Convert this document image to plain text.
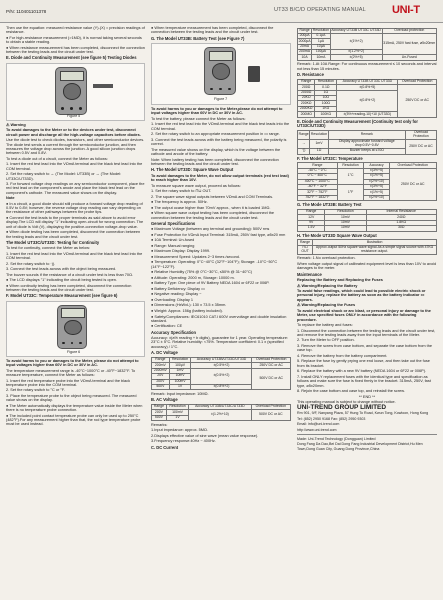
P/N: 110401101378	UT33 B/C/D OPERATING MANUAL UNI-T

Then use the equation: measured resistance value (Y)-(X) = precision readings of resistance.

● For high-resistance measurement (>1MΩ), it is normal taking several seconds to obtain a stable reading.

● When resistance measurement has been completed, disconnect the connection between the testing leads and the circuit under test.

E. Diode and Continuity Measurement (see figure 5) Testing Diodes

Figure 5

⚠ Warning

To avoid damages to the Meter or to the devices under test, disconnect circuit power and discharge all the high-voltage capacitors before diodes.

Use the diode test to check diodes, transistors, and other semiconductor devices. The diode test sends a current through the semiconductor junction, and then measures the voltage drop across the junction. A good silicon junction drops between 0.5V and 0.8V.

To test a diode out of a circuit, connect the Meter as follows:

1. Insert the red test lead into the VΩmA terminal and the black test lead into the COM terminal.

2. Set the rotary switch to → (The Model: UT33B) or → (The Model: UT33C/UT33D).

3. For forward voltage drop readings on any semiconductor component, place the red test lead on the component's anode and place the black test lead on the component's cathode. The measured value shows on the display.

Note

● In a circuit, a good diode should still produce a forward voltage drop reading of 0.5V to 0.8V; however, the reverse voltage drop reading can vary depending on the resistance of other pathways between the probe tips.

● Connect the test leads to the proper terminals as said above to avoid error display.The LCD will display "1" indicating open-circuit for wrong connection. The unit of diode is Volt (V), displaying the positive-connection voltage-drop value.

● When diode testing has been completed, disconnect the connection between the testing leads and the circuit under test.

The Model UT33C/UT33D: Testing for Continuity

To test for continuity, connect the Meter as below:

1. Insert the red test lead into the VΩmA terminal and the black test lead into the COM terminal.

2. Set the rotary switch to ·)).

3. Connect the test leads across with the object being measured.

The buzzer sounds if the resistance of a circuit under test is less than 70Ω.

● The LCD displays "1" indicating the circuit being tested is open.

● When continuity testing has been completed, disconnect the connection between the testing leads and the circuit under test.

F. Model UT33C: Temperature Measurement (see figure 6)

Figure 6

To avoid harms to you or damages to the Meter, please do not attempt to input voltages higher than 60V in DC or 30V in AC.

The temperature measurement range is -40°C~1000°C or -40°F~1832°F. To measure temperature, connect the Meter as follows:

1. Insert the red temperature probe into the VΩmA terminal and the black temperature probe into the COM terminal.

2. Set the rotary switch to °C or °F.

3. Place the temperature probe to the object being measured. The measured value shows on the display.

● The Meter automatically displays the temperature value inside the Meter when there is no temperature probe connection.

● The included point contact temperature probe can only be used up to 250°C (482°F).For any measurement higher than that, the rod type temperature probe must be used instead.

● When temperature measurement has been completed, disconnect the connection between the testing leads and the circuit under test.

G. The Model UT33B: Battery Test (see Figure 7)

Figure 7

To avoid harms to you or damages to the Meter,please do not attempt to input voltages higher than 60V in DC or 30V in AC.

To test the battery, please connect the Meter as follows:

1. Insert the red test lead into the VΩmA terminal and the black test leads into the COM terminal.

2. Set the rotary switch to an appropriate measurement position in ▭ range.

3. Connect the test leads across with the battery being measured, the polarity is correct.

The measured value shows on the display, which is the voltage between the cathode and anode of the battery.

Note: When battery testing has been completed, disconnect the connection between the testing leads and the circuit under test.

H. The Model UT33D: Square Wave Output

To avoid damages to the Meter, do not allow output terminals (red test lead) to reach higher than 10V.

To measure square wave output, proceed as follows:

1. Set the rotary switch to ⊓⊔ OUT.

2. The square wave signal outputs between VΩmA and COM Terminals.

● The frequency is approx. 50Hz.

● The output ocase higher than 70mV approx., when it is loaded 1MΩ.

● When square wave output testing has been completed, disconnect the connection between the testing leads and the circuit under test.

General Specifications

● Maximum Voltage (between any terminal and grounding): 500V rms

● Fuse Protection for VΩmA Input Terminal: 315mA, 250V fast type, ø5x20 mm

● 10A Terminal: Un-fused

● Range: Manual ranging

● Maximum Display: Display 1999.

● Measurement Speed: Updates 2~3 times /second.

● Temperature: Operating: 0°C~40°C (32°F~104°F); Storage: -10°C~50°C (14°F~122°F).

● Relative Humidity (75% @ 0°C~30°C, ≤50% @ 31~40°C)

● Altitude: Operating: 2000 m, Storage: 10000 m.

● Battery Type: One piece of 9V Battery NEDA 1604 or 6F22 or 006P.

● Battery Deficiency: Display ▭

● Negative reading: Display −

● Overloading: Display 1

● Dimensions (HxWxL): 130 x 73.5 x 35mm.

● Weight: Approx. 156g (battery included).

● Safety/Compliances: IEC61010 CAT.I 600V overvoltage and double insulation standard.

● Certification: CE

Accuracy Specification

Accuracy: ±(a% reading + b digits), guarantee for 1 year. Operating temperature: 23°C ± 5°C. Relative humidity: <75%. Temperature coefficient: 0.1 x (specified accuracy) / 1°C.

A. DC Voltage

Range	Resolution	Accuracy UT33B/UT33C/UT33D	Overload Protection
200mV	100μV	±(0.5%+2)	250V DC or AC
2000mV	1mV	±(0.5%+2)	500V DC or AC
20V	10mV		
200V	100mV		
500V	1V	±(0.8%+2)	

Remark: Input impedance: 10MΩ.

B. AC Voltage

Range	Resolution	Accuracy UT33B/UT33C/UT33D	Overload Protection
200V	100mV	±(1.2%+10)	500V DC or AC
500V	1V		

Remarks:

1.Input impedance: approx. 5MΩ.

2.Displays effective value of sine wave (mean value response).

3.Frequency response:40Hz ~ 400Hz.

C. DC Current

Range	Resolution	Accuracy UT33B UT33C UT33D	Overload protection
200μA	0.1μA	±(1%+2)	315mA, 250V fast fuse, ø5x20mm
2000μA	1μA		
20mA	10μA		
200mA	100μA	±(1.2%+2)	
10A	10mA	±(2%+5)	Un-Fused

Remark: 1.At 10A Range: For continuous measurement ≤ 10 seconds and interval not less than 15 minutes.

D. Resistance

Range	Resolution	Accuracy UT33B UT33C UT33D	Overload Protection
200Ω	0.1Ω	±(0.8%+5)	250V DC or AC
2000Ω	1Ω	±(0.8%+2)	
20KΩ	10Ω		
200KΩ	100Ω		
2000KΩ	1KΩ		
200MΩ	100KΩ	±(5%+reading-10)+10 (UT33D)	

E. Diode and Continuity Measurement (Continuity test only for UT33C/UT33D)

Range	Resolution	Remark	Overload Protection
→	1mV	Display approximate forward voltage drop:0.5V~0.8V	250V DC or AC
·))	1Ω	Buzzer beeps at ≤70Ω	

F. The Model UT33C: Temperature

Range	Resolution	Accuracy	Overload Protection
-40°C ~ 0°C	1°C	±(3%+5)	250V DC or AC
0°C ~ 400°C		±(1%+5)	
400°C ~ 1000°C		±(2%+10)	
-40°F ~ 32°F	1°F	±(3%+5)	
32°F ~ 752°F		±(1%+5)	
752°F ~ 1832°F		±(2%+10)	

G. The Mode UT33B: Battery Test

Range	Resolution	Internal Resistance
12V	10mV	240Ω
9V	10mV	1.8KΩ
1.5V	10mV	30Ω

H. The Mode UT33D Square Wave Output

Range	Illustration
⊓⊔ OUT	Approx.output 50Hz square wave signal.As a simple signal source with 47KΩ resistance output.

Remark: 1.No overload protection.

When voltage output signal of calibrated equipment level is less than 10V to avoid damages to the meter.

Maintenance

Replacing the Battery and Replacing the Fuses

⚠ Warning/Replacing the Battery

To avoid false readings, which could lead to possible electric shock or personal injury, replace the battery as soon as the battery indicator ▭ appears.

⚠ Warning/Replacing the Fuses

To avoid electrical shock or arc blast, or personal injury or damage to the Meter, use specified fuses ONLY in accordance with the following procedure.

To replace the battery and fuses:

1. Disconnect the connection between the testing leads and the circuit under test, and remove the testing leads away from the input terminals of the Meter.

2. Turn the Meter to OFF position.

3. Remove the screw from case bottom, and separate the case bottom from the case top.

4. Remove the battery from the battery compartment.

5. Replace the fuse by gently prying one end loose, and then take out the fuse from its bracket.

6. Replace the battery with a new 9V battery (NEDA 1604 or 6F22 or 006P).

7. Install ONLY replacement fuses with the identical type and specification as follows and make sure the fuse is fixed firmly in the bracket. 315mA, 250V, fast type, ø5x20mm.

8. Rejoin the case bottom and case top, and reinstall the screw.

** END **

This operating manual is subject to change without notice.

UNI-TREND GROUP LIMITED

Rm 901, 9/F, Nanyang Plaza, 57 Hung To Road, Kwun Tong, Kowloon, Hong Kong

Tel: (852) 2950 9168 Fax: (852) 2950 9303

Email: info@uni-trend.com

http://www.uni-trend.com

Made: Uni-Trend Technology (Dongguan) Limited

Dong Fang Da Dao,Bei Dai Dong Fang Industrial Development District,Hu Men Town,Dong Guan City, Guang Dong Province,China
